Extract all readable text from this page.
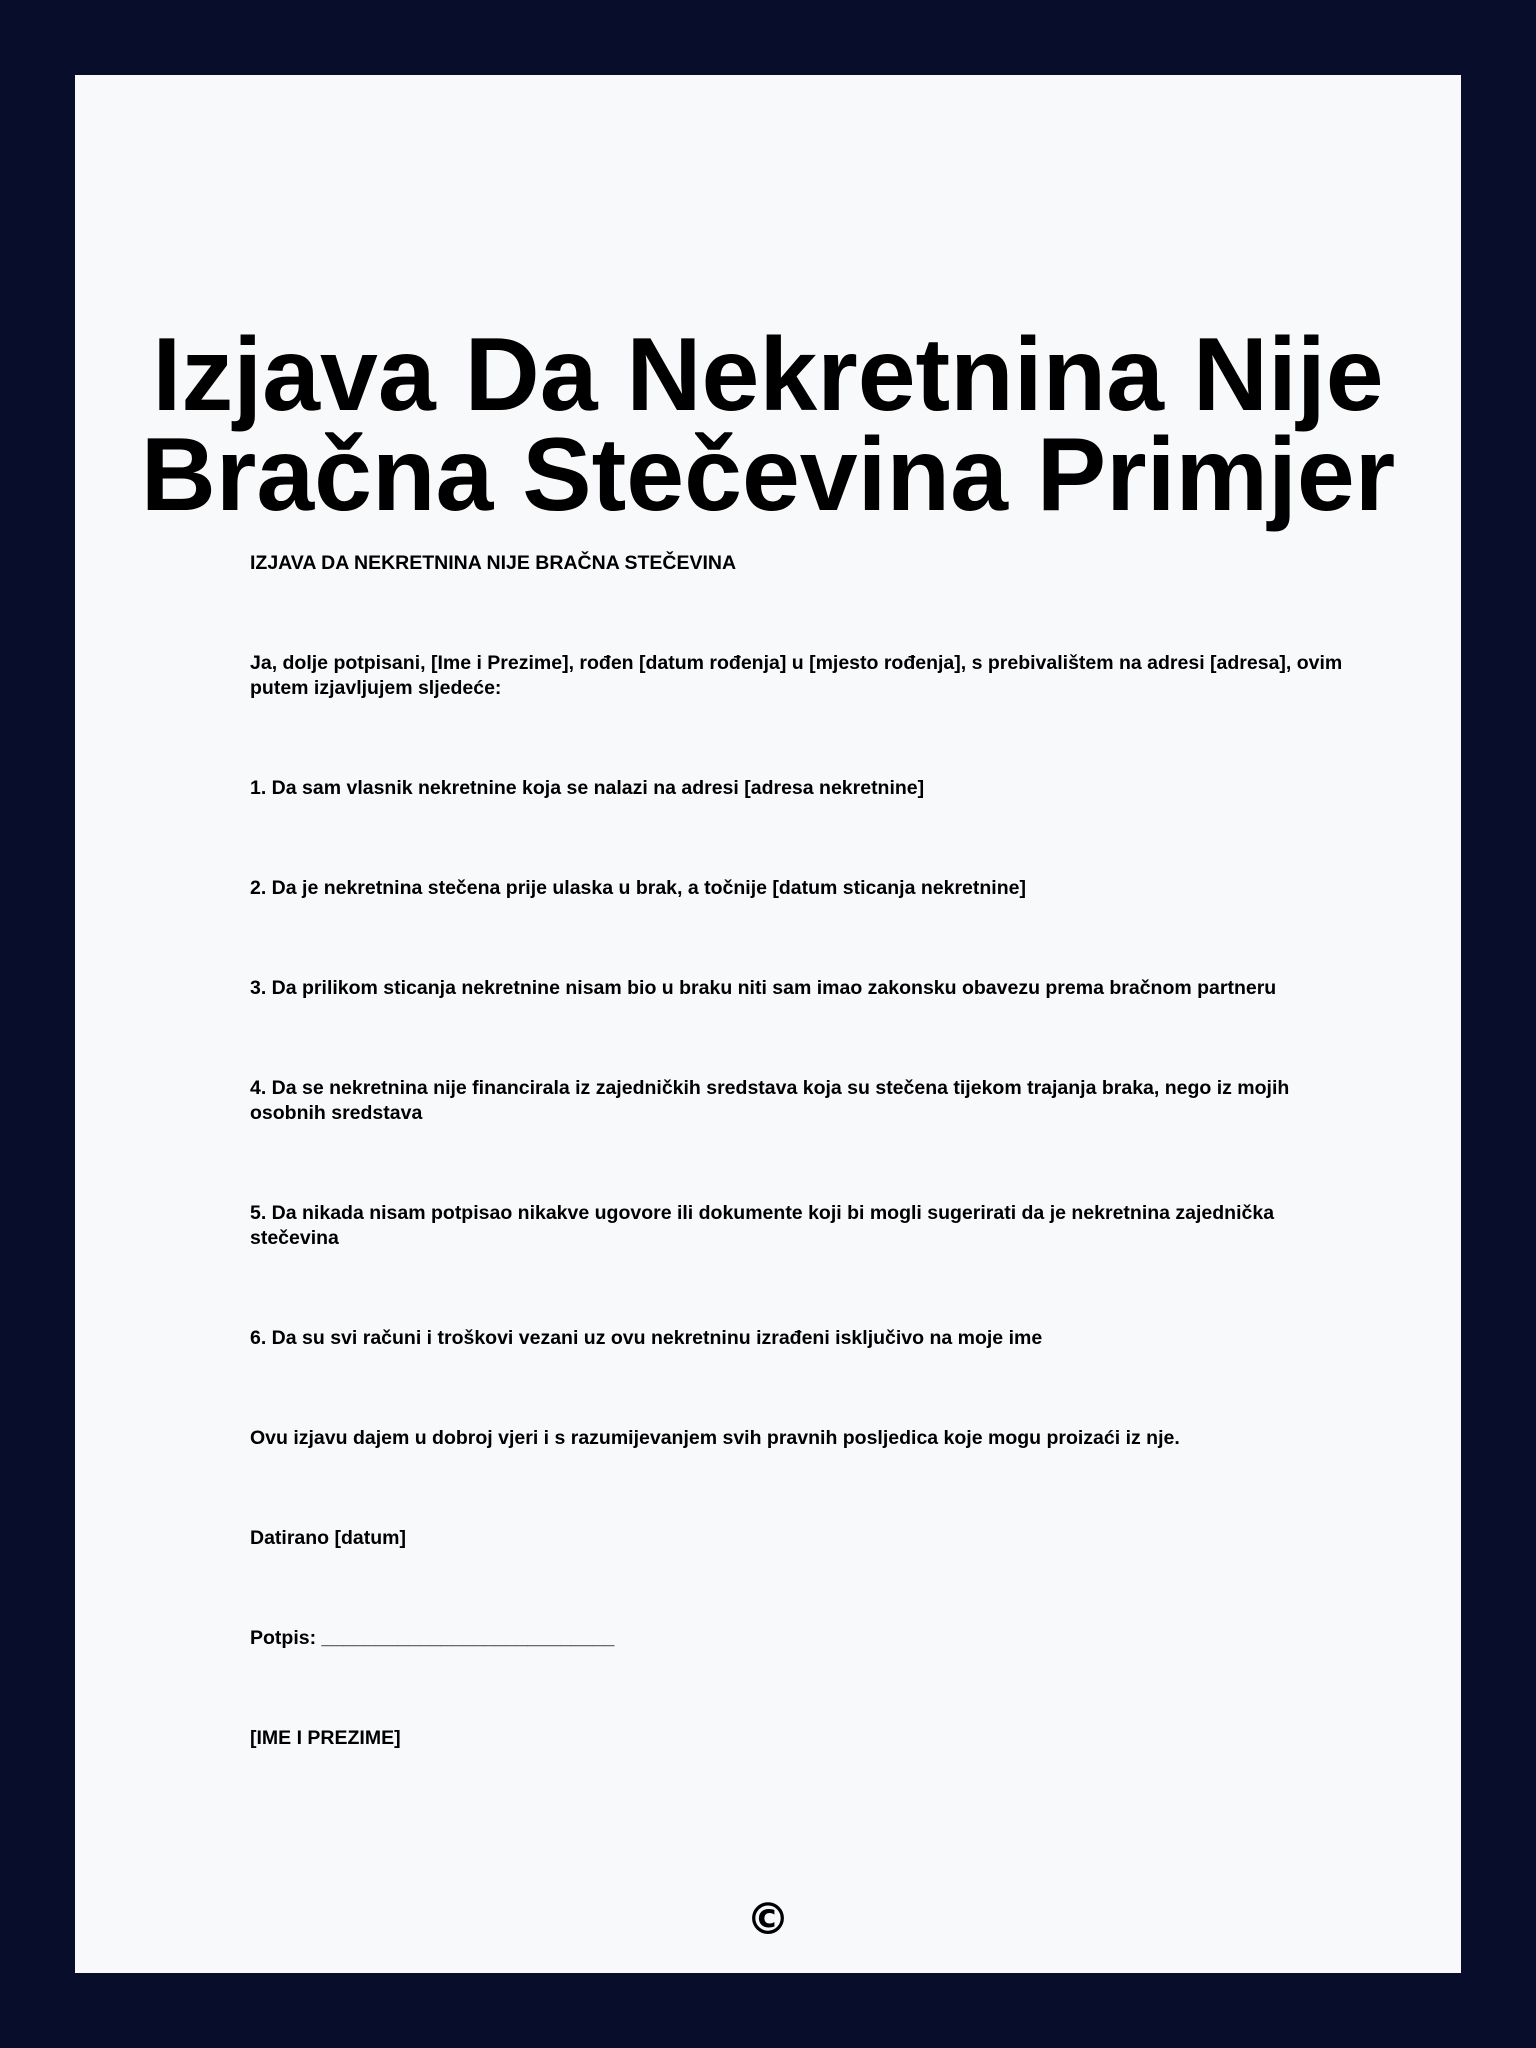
Izjava Da Nekretnina Nije
Bračna Stečevina Primjer

IZJAVA DA NEKRETNINA NIJE BRAČNA STEČEVINA

Ja, dolje potpisani, [Ime i Prezime], rođen [datum rođenja] u [mjesto rođenja], s prebivalištem na adresi [adresa], ovim putem izjavljujem sljedeće:

1. Da sam vlasnik nekretnine koja se nalazi na adresi [adresa nekretnine]

2. Da je nekretnina stečena prije ulaska u brak, a točnije [datum sticanja nekretnine]

3. Da prilikom sticanja nekretnine nisam bio u braku niti sam imao zakonsku obavezu prema bračnom partneru

4. Da se nekretnina nije financirala iz zajedničkih sredstava koja su stečena tijekom trajanja braka, nego iz mojih osobnih sredstava

5. Da nikada nisam potpisao nikakve ugovore ili dokumente koji bi mogli sugerirati da je nekretnina zajednička stečevina

6. Da su svi računi i troškovi vezani uz ovu nekretninu izrađeni isključivo na moje ime

Ovu izjavu dajem u dobroj vjeri i s razumijevanjem svih pravnih posljedica koje mogu proizaći iz nje.

Datirano [datum]

Potpis: ___________________________

[IME I PREZIME]

©
